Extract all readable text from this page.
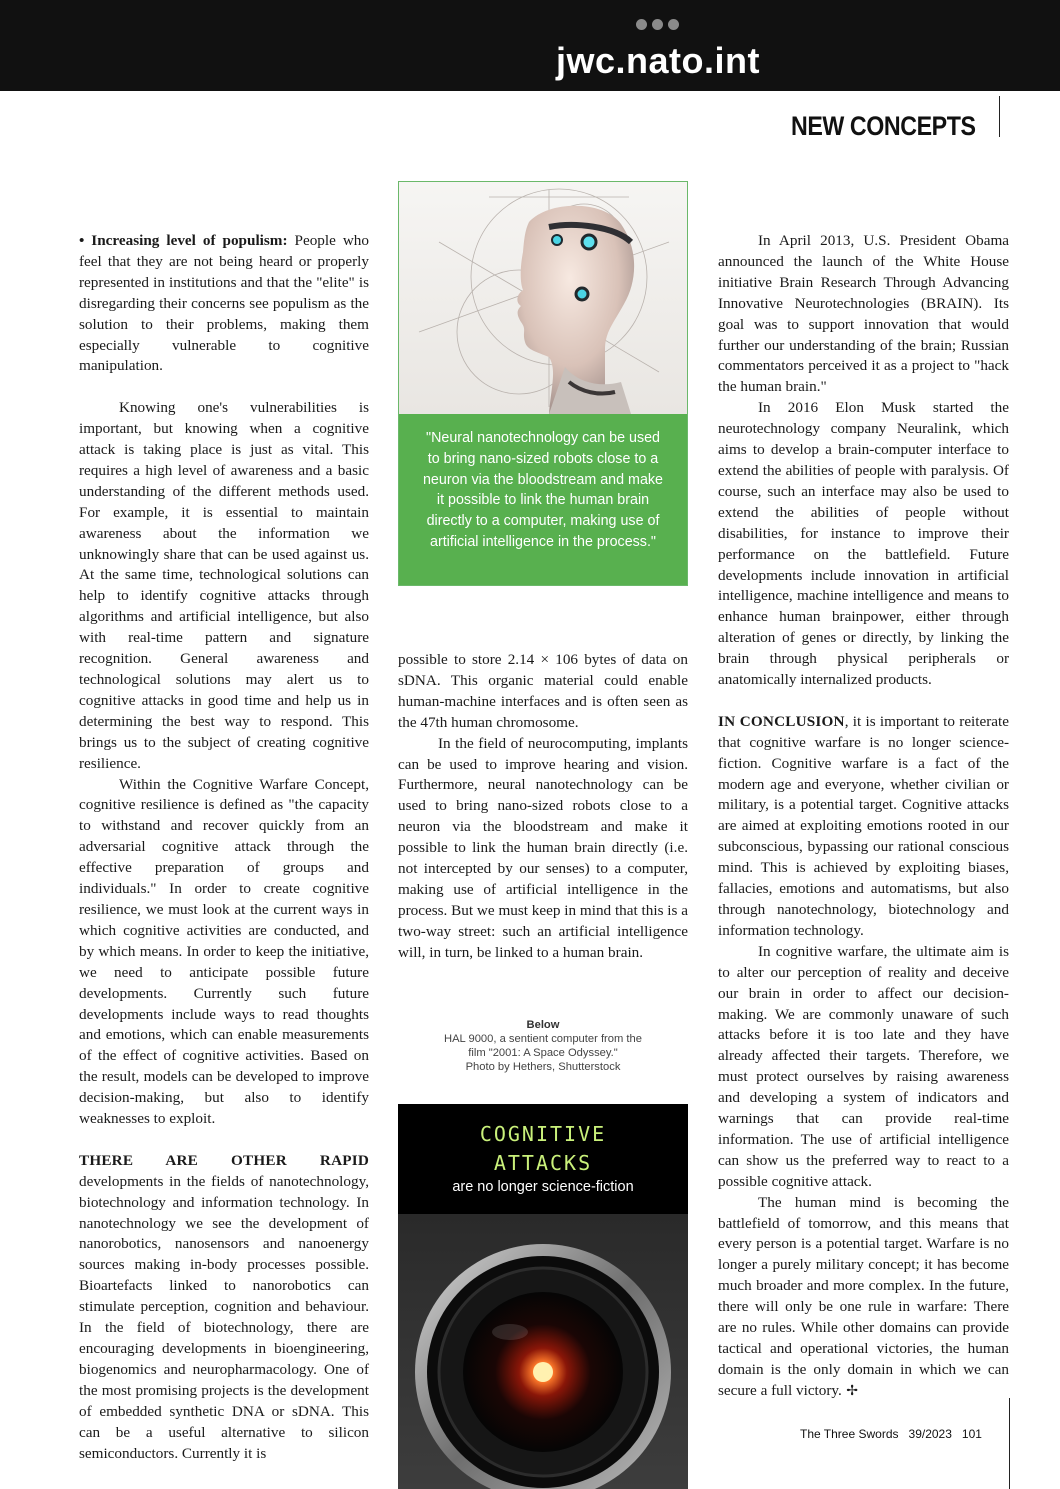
jwc.nato.int
NEW CONCEPTS

• Increasing level of populism: People who feel that they are not being heard or properly represented in institutions and that the "elite" is disregarding their concerns see populism as the solution to their problems, making them especially vulnerable to cognitive manipulation.

Knowing one's vulnerabilities is important, but knowing when a cognitive attack is taking place is just as vital. This requires a high level of awareness and a basic understanding of the different methods used. For example, it is essential to maintain awareness about the information we unknowingly share that can be used against us. At the same time, technological solutions can help to identify cognitive attacks through algorithms and artificial intelligence, but also with real-time pattern and signature recognition. General awareness and technological solutions may alert us to cognitive attacks in good time and help us in determining the best way to respond. This brings us to the subject of creating cognitive resilience.

Within the Cognitive Warfare Concept, cognitive resilience is defined as "the capacity to withstand and recover quickly from an adversarial cognitive attack through the effective preparation of groups and individuals." In order to create cognitive resilience, we must look at the current ways in which cognitive activities are conducted, and by which means. In order to keep the initiative, we need to anticipate possible future developments. Currently such future developments include ways to read thoughts and emotions, which can enable measurements of the effect of cognitive activities. Based on the result, models can be developed to improve decision-making, but also to identify weaknesses to exploit.

THERE ARE OTHER RAPID developments in the fields of nanotechnology, biotechnology and information technology. In nanotechnology we see the development of nanorobotics, nanosensors and nanoenergy sources making in-body processes possible. Bioartefacts linked to nanorobotics can stimulate perception, cognition and behaviour. In the field of biotechnology, there are encouraging developments in bioengineering, biogenomics and neuropharmacology. One of the most promising projects is the development of embedded synthetic DNA or sDNA. This can be a useful alternative to silicon semiconductors. Currently it is

"Neural nanotechnology can be used to bring nano-sized robots close to a neuron via the bloodstream and make it possible to link the human brain directly to a computer, making use of artificial intelligence in the process."

possible to store 2.14 × 106 bytes of data on sDNA. This organic material could enable human-machine interfaces and is often seen as the 47th human chromosome.

In the field of neurocomputing, implants can be used to improve hearing and vision. Furthermore, neural nanotechnology can be used to bring nano-sized robots close to a neuron via the bloodstream and make it possible to link the human brain directly (i.e. not intercepted by our senses) to a computer, making use of artificial intelligence in the process. But we must keep in mind that this is a two-way street: such an artificial intelligence will, in turn, be linked to a human brain.

Below
HAL 9000, a sentient computer from the
film "2001: A Space Odyssey."
Photo by Hethers, Shutterstock
COGNITIVE
ATTACKS
are no longer science-fiction

In April 2013, U.S. President Obama announced the launch of the White House initiative Brain Research Through Advancing Innovative Neurotechnologies (BRAIN). Its goal was to support innovation that would further our understanding of the brain; Russian commentators perceived it as a project to "hack the human brain."

In 2016 Elon Musk started the neurotechnology company Neuralink, which aims to develop a brain-computer interface to extend the abilities of people with paralysis. Of course, such an interface may also be used to extend the abilities of people without disabilities, for instance to improve their performance on the battlefield. Future developments include innovation in artificial intelligence, machine intelligence and means to enhance human brainpower, either through alteration of genes or directly, by linking the brain through physical peripherals or anatomically internalized products.

IN CONCLUSION, it is important to reiterate that cognitive warfare is no longer science-fiction. Cognitive warfare is a fact of the modern age and everyone, whether civilian or military, is a potential target. Cognitive attacks are aimed at exploiting emotions rooted in our subconscious, bypassing our rational conscious mind. This is achieved by exploiting biases, fallacies, emotions and automatisms, but also through nanotechnology, biotechnology and information technology.

In cognitive warfare, the ultimate aim is to alter our perception of reality and deceive our brain in order to affect our decision-making. We are commonly unaware of such attacks before it is too late and they have already affected their targets. Therefore, we must protect ourselves by raising awareness and developing a system of indicators and warnings that can provide real-time information. The use of artificial intelligence can show us the preferred way to react to a possible cognitive attack.

The human mind is becoming the battlefield of tomorrow, and this means that every person is a potential target. Warfare is no longer a purely military concept; it has become much broader and more complex. In the future, there will only be one rule in warfare: There are no rules. While other domains can provide tactical and operational victories, the human domain is the only domain in which we can secure a full victory. ✢

The Three Swords 39/2023 101
